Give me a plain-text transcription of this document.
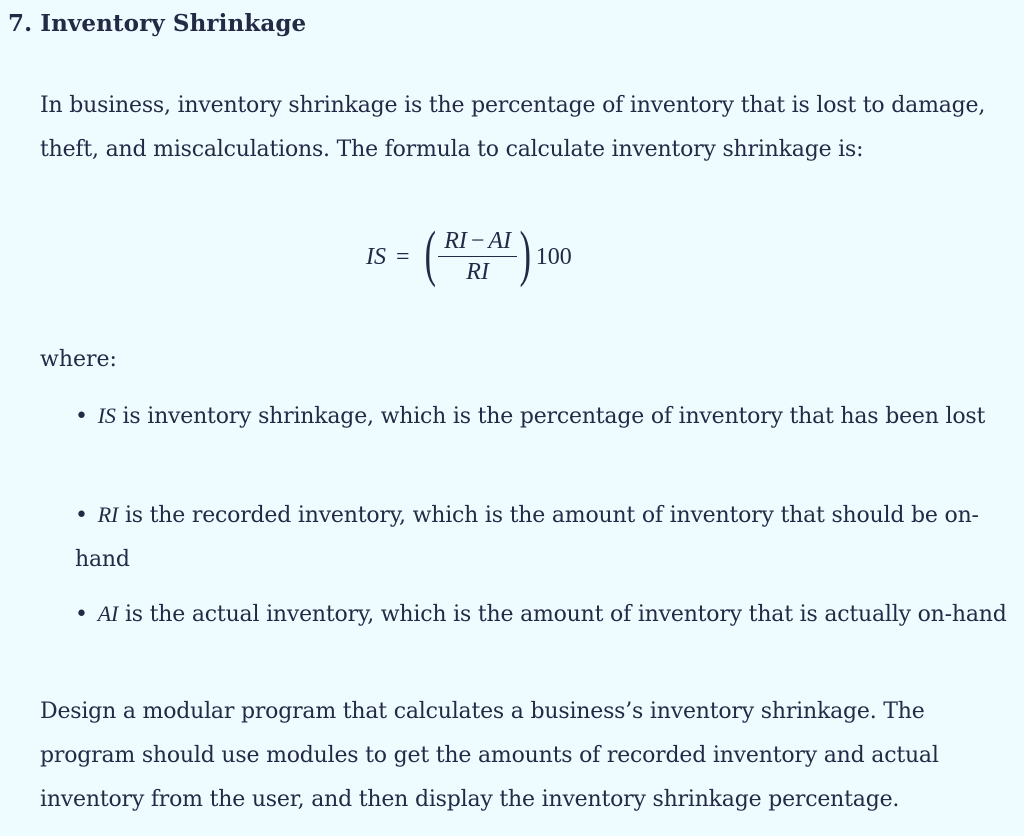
7. Inventory Shrinkage
In business, inventory shrinkage is the percentage of inventory that is lost to damage, theft, and miscalculations. The formula to calculate inventory shrinkage is:
IS = ( $\frac{RI - AI}{RI}$ ) 100
where:
• IS is inventory shrinkage, which is the percentage of inventory that has been lost
• RI is the recorded inventory, which is the amount of inventory that should be on-hand
• AI is the actual inventory, which is the amount of inventory that is actually on-hand
Design a modular program that calculates a business’s inventory shrinkage. The program should use modules to get the amounts of recorded inventory and actual inventory from the user, and then display the inventory shrinkage percentage.
